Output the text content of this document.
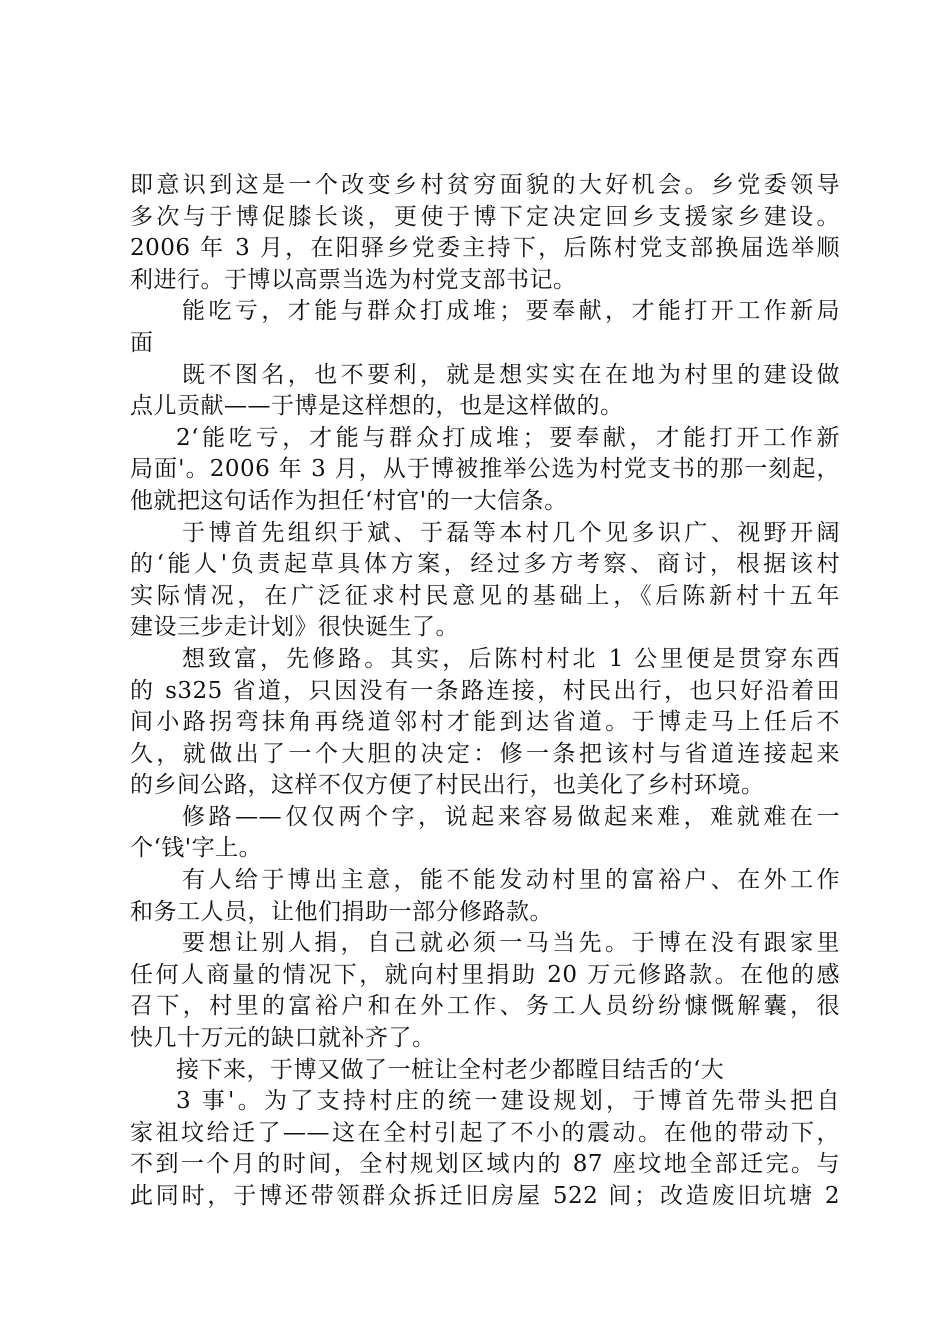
即意识到这是一个改变乡村贫穷面貌的大好机会。乡党委领导
多次与于博促膝长谈，更使于博下定决定回乡支援家乡建设。
2006 年 3 月，在阳驿乡党委主持下，后陈村党支部换届选举顺
利进行。于博以高票当选为村党支部书记。
能吃亏，才能与群众打成堆；要奉献，才能打开工作新局
面
既不图名，也不要利，就是想实实在在地为村里的建设做
点儿贡献——于博是这样想的，也是这样做的。
2‘能吃亏，才能与群众打成堆；要奉献，才能打开工作新
局面'。2006 年 3 月，从于博被推举公选为村党支书的那一刻起，
他就把这句话作为担任‘村官'的一大信条。
于博首先组织于斌、于磊等本村几个见多识广、视野开阔
的‘能人'负责起草具体方案，经过多方考察、商讨，根据该村
实际情况，在广泛征求村民意见的基础上，《后陈新村十五年
建设三步走计划》很快诞生了。
想致富，先修路。其实，后陈村村北 1 公里便是贯穿东西
的 s325 省道，只因没有一条路连接，村民出行，也只好沿着田
间小路拐弯抹角再绕道邻村才能到达省道。于博走马上任后不
久，就做出了一个大胆的决定：修一条把该村与省道连接起来
的乡间公路，这样不仅方便了村民出行，也美化了乡村环境。
修路——仅仅两个字，说起来容易做起来难，难就难在一
个‘钱'字上。
有人给于博出主意，能不能发动村里的富裕户、在外工作
和务工人员，让他们捐助一部分修路款。
要想让别人捐，自己就必须一马当先。于博在没有跟家里
任何人商量的情况下，就向村里捐助 20 万元修路款。在他的感
召下，村里的富裕户和在外工作、务工人员纷纷慷慨解囊，很
快几十万元的缺口就补齐了。
接下来，于博又做了一桩让全村老少都瞠目结舌的‘大
3 事'。为了支持村庄的统一建设规划，于博首先带头把自
家祖坟给迁了——这在全村引起了不小的震动。在他的带动下，
不到一个月的时间，全村规划区域内的 87 座坟地全部迁完。与
此同时，于博还带领群众拆迁旧房屋 522 间；改造废旧坑塘 2
